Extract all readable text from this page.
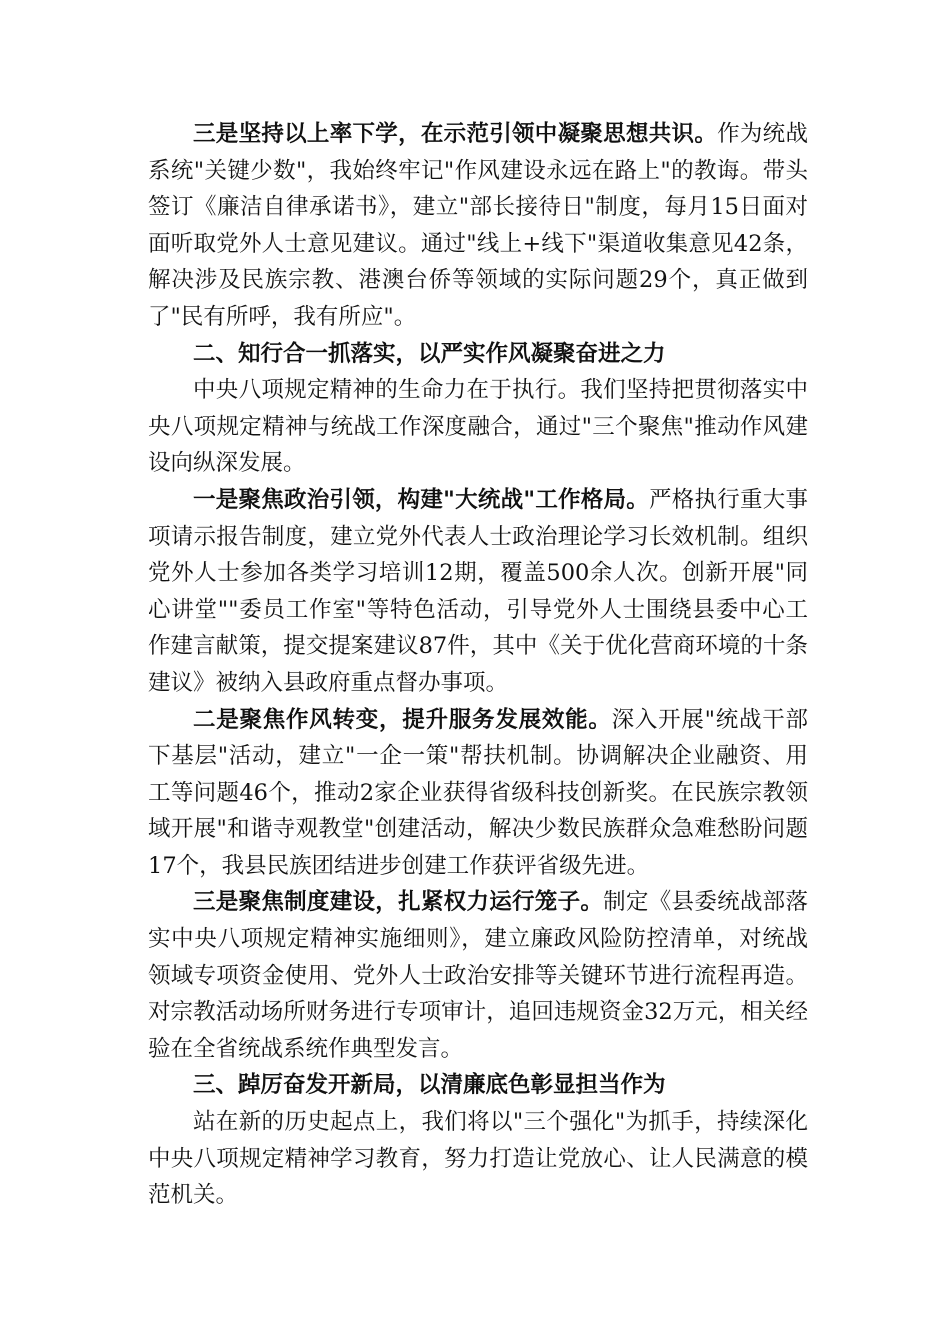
三是坚持以上率下学，在示范引领中凝聚思想共识。作为统战系统"关键少数"，我始终牢记"作风建设永远在路上"的教诲。带头签订《廉洁自律承诺书》，建立"部长接待日"制度，每月15日面对面听取党外人士意见建议。通过"线上+线下"渠道收集意见42条，解决涉及民族宗教、港澳台侨等领域的实际问题29个，真正做到了"民有所呼，我有所应"。

二、知行合一抓落实，以严实作风凝聚奋进之力

中央八项规定精神的生命力在于执行。我们坚持把贯彻落实中央八项规定精神与统战工作深度融合，通过"三个聚焦"推动作风建设向纵深发展。

一是聚焦政治引领，构建"大统战"工作格局。严格执行重大事项请示报告制度，建立党外代表人士政治理论学习长效机制。组织党外人士参加各类学习培训12期，覆盖500余人次。创新开展"同心讲堂""委员工作室"等特色活动，引导党外人士围绕县委中心工作建言献策，提交提案建议87件，其中《关于优化营商环境的十条建议》被纳入县政府重点督办事项。

二是聚焦作风转变，提升服务发展效能。深入开展"统战干部下基层"活动，建立"一企一策"帮扶机制。协调解决企业融资、用工等问题46个，推动2家企业获得省级科技创新奖。在民族宗教领域开展"和谐寺观教堂"创建活动，解决少数民族群众急难愁盼问题17个，我县民族团结进步创建工作获评省级先进。

三是聚焦制度建设，扎紧权力运行笼子。制定《县委统战部落实中央八项规定精神实施细则》，建立廉政风险防控清单，对统战领域专项资金使用、党外人士政治安排等关键环节进行流程再造。对宗教活动场所财务进行专项审计，追回违规资金32万元，相关经验在全省统战系统作典型发言。

三、踔厉奋发开新局，以清廉底色彰显担当作为

站在新的历史起点上，我们将以"三个强化"为抓手，持续深化中央八项规定精神学习教育，努力打造让党放心、让人民满意的模范机关。
